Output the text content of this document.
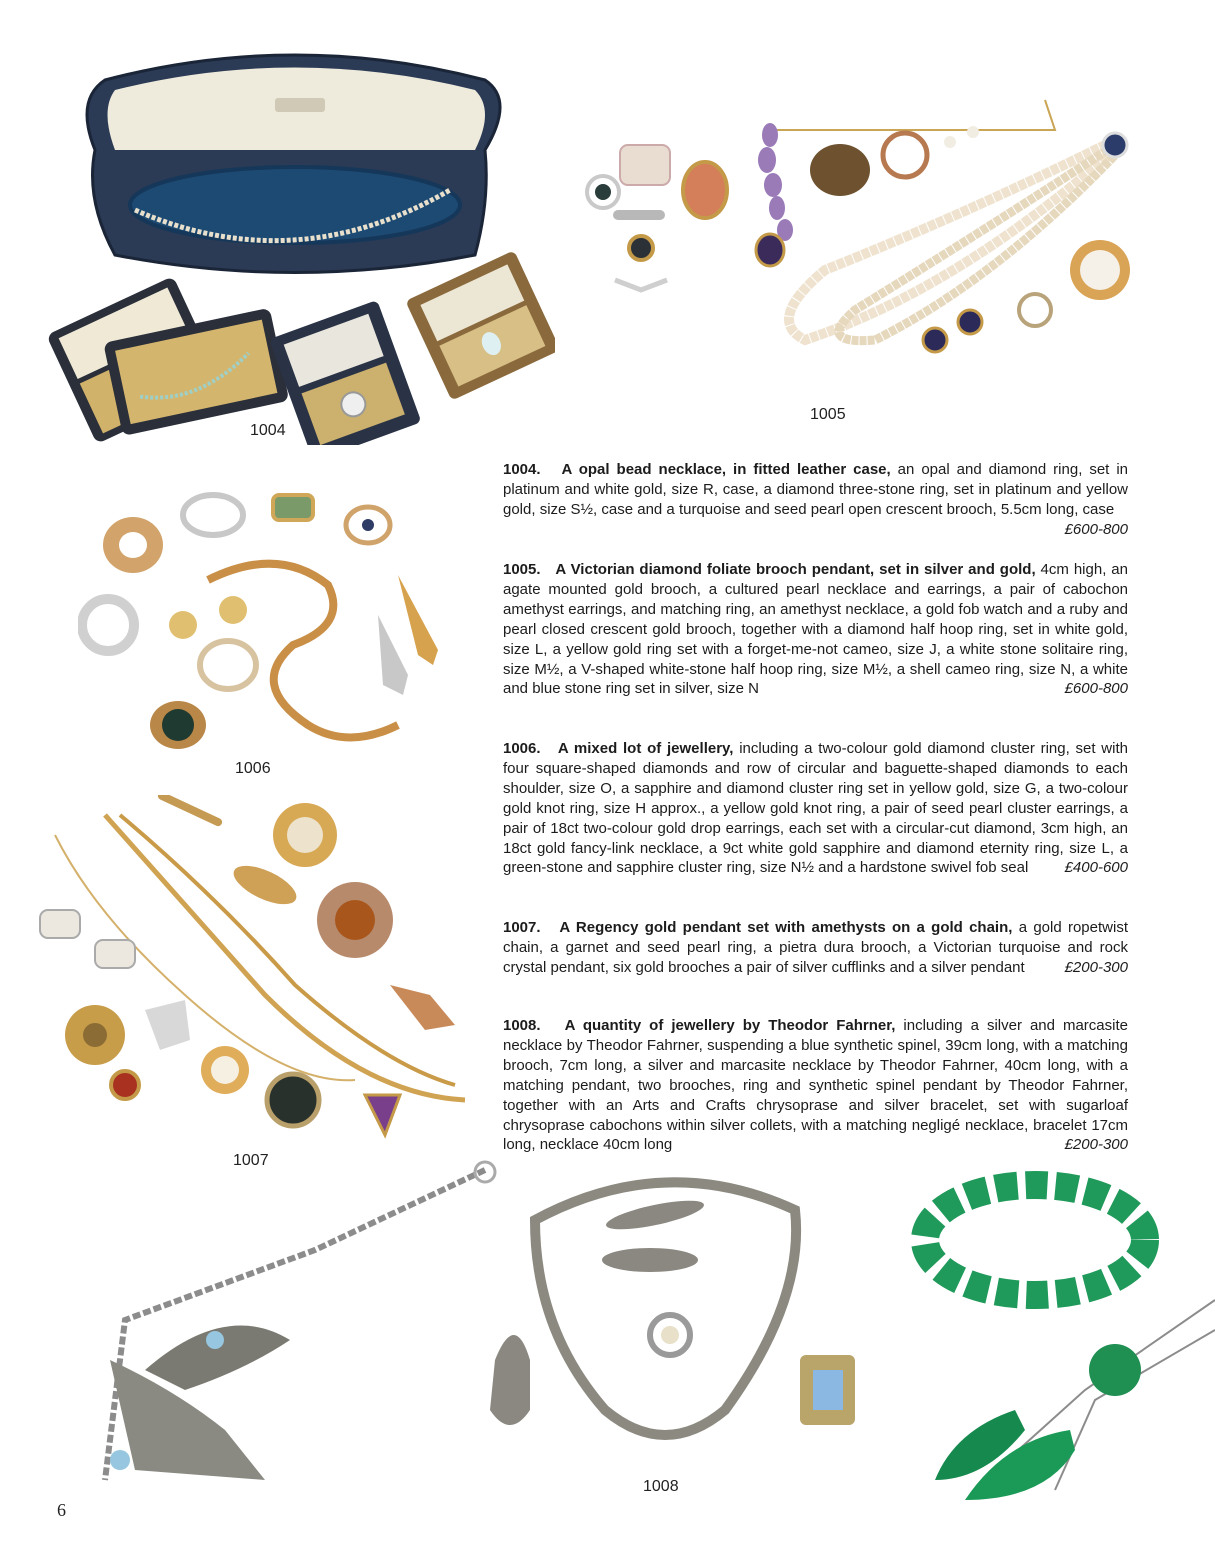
1004
1005
1006
1007
1008
1004. A opal bead necklace, in fitted leather case, an opal and diamond ring, set in platinum and white gold, size R, case, a diamond three-stone ring, set in platinum and yellow gold, size S½, case and a turquoise and seed pearl open crescent brooch, 5.5cm long, case
£600-800
1005. A Victorian diamond foliate brooch pendant, set in silver and gold, 4cm high, an agate mounted gold brooch, a cultured pearl necklace and earrings, a pair of cabochon amethyst earrings, and matching ring, an amethyst necklace, a gold fob watch and a ruby and pearl closed crescent gold brooch, together with a diamond half hoop ring, set in white gold, size L, a yellow gold ring set with a forget-me-not cameo, size J, a white stone solitaire ring, size M½, a V-shaped white-stone half hoop ring, size M½, a shell cameo ring, size N, a white and blue stone ring set in silver, size N	£600-800
1006. A mixed lot of jewellery, including a two-colour gold diamond cluster ring, set with four square-shaped diamonds and row of circular and baguette-shaped diamonds to each shoulder, size O, a sapphire and diamond cluster ring set in yellow gold, size G, a two-colour gold knot ring, size H approx., a yellow gold knot ring, a pair of seed pearl cluster earrings, a pair of 18ct two-colour gold drop earrings, each set with a circular-cut diamond, 3cm high, an 18ct gold fancy-link necklace, a 9ct white gold sapphire and diamond eternity ring, size L, a green-stone and sapphire cluster ring, size N½ and a hardstone swivel fob seal £400-600
1007. A Regency gold pendant set with amethysts on a gold chain, a gold ropetwist chain, a garnet and seed pearl ring, a pietra dura brooch, a Victorian turquoise and rock crystal pendant, six gold brooches a pair of silver cufflinks and a silver pendant	£200-300
1008. A quantity of jewellery by Theodor Fahrner, including a silver and marcasite necklace by Theodor Fahrner, suspending a blue synthetic spinel, 39cm long, with a matching brooch, 7cm long, a silver and marcasite necklace by Theodor Fahrner, 40cm long, with a matching pendant, two brooches, ring and synthetic spinel pendant by Theodor Fahrner, together with an Arts and Crafts chrysoprase and silver bracelet, set with sugarloaf chrysoprase cabochons within silver collets, with a matching negligé necklace, bracelet 17cm long, necklace 40cm long	£200-300
6
